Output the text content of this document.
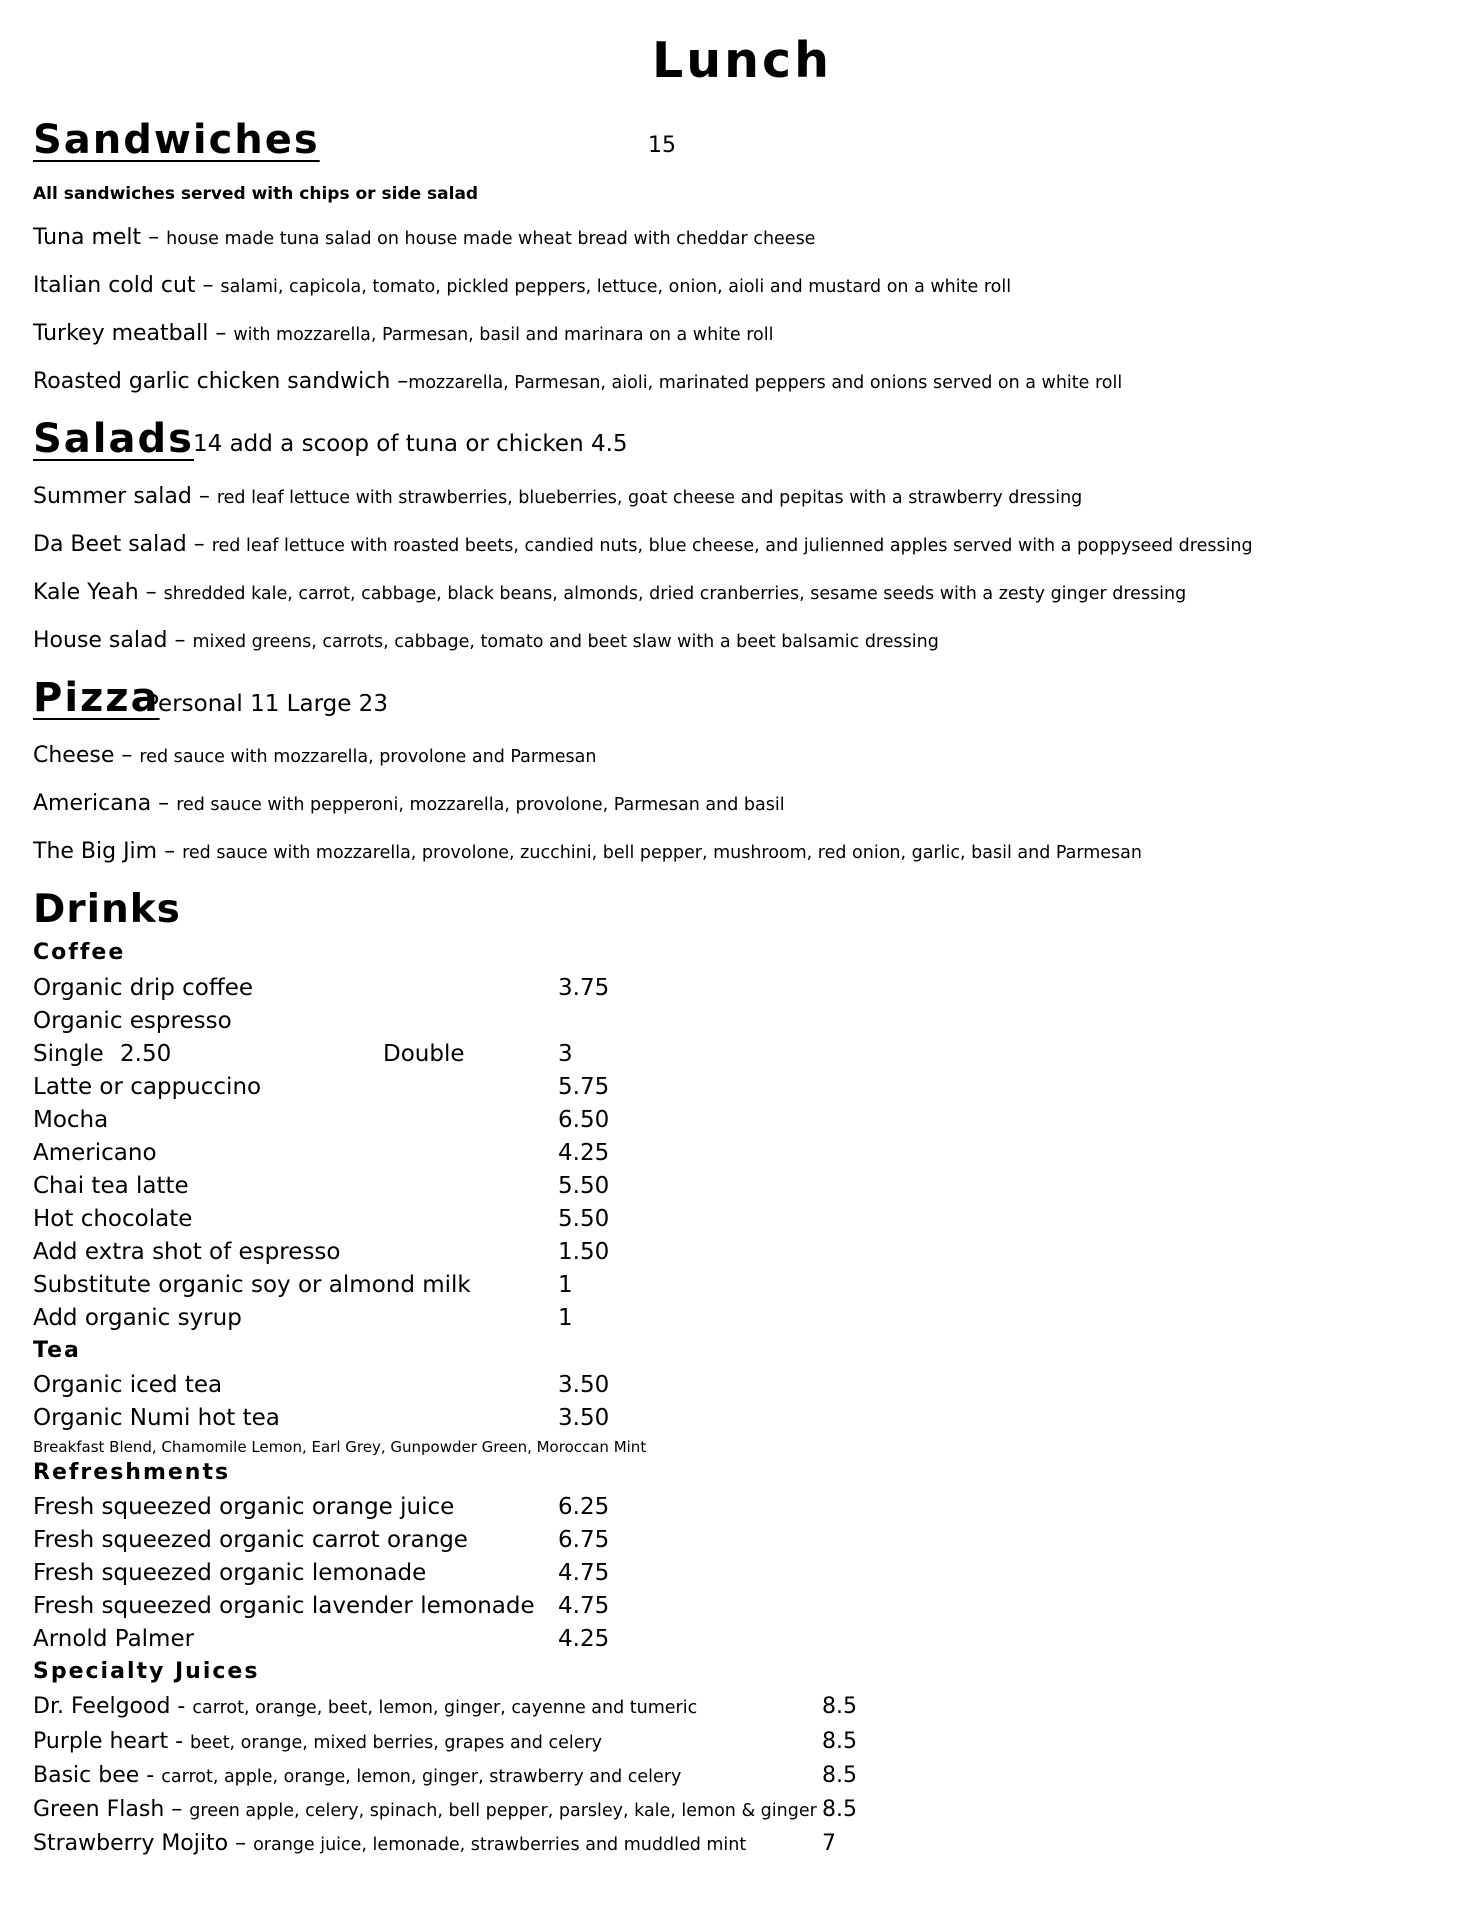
Lunch
Sandwiches	15
All sandwiches served with chips or side salad
Tuna melt – house made tuna salad on house made wheat bread with cheddar cheese
Italian cold cut – salami, capicola, tomato, pickled peppers, lettuce, onion, aioli and mustard on a white roll
Turkey meatball – with mozzarella, Parmesan, basil and marinara on a white roll
Roasted garlic chicken sandwich –mozzarella, Parmesan, aioli, marinated peppers and onions served on a white roll
Salads 14 add a scoop of tuna or chicken 4.5
Summer salad – red leaf lettuce with strawberries, blueberries, goat cheese and pepitas with a strawberry dressing
Da Beet salad – red leaf lettuce with roasted beets, candied nuts, blue cheese, and julienned apples served with a poppyseed dressing
Kale Yeah – shredded kale, carrot, cabbage, black beans, almonds, dried cranberries, sesame seeds with a zesty ginger dressing
House salad – mixed greens, carrots, cabbage, tomato and beet slaw with a beet balsamic dressing
Pizza
Personal 11 Large 23
Cheese – red sauce with mozzarella, provolone and Parmesan
Americana – red sauce with pepperoni, mozzarella, provolone, Parmesan and basil
The Big Jim – red sauce with mozzarella, provolone, zucchini, bell pepper, mushroom, red onion, garlic, basil and Parmesan
Drinks
Coffee
Organic drip coffee	3.75
Organic espresso
Single 2.50	Double	3
Latte or cappuccino	5.75
Mocha	6.50
Americano	4.25
Chai tea latte	5.50
Hot chocolate	5.50
Add extra shot of espresso	1.50
Substitute organic soy or almond milk	1
Add organic syrup	1
Tea
Organic iced tea	3.50
Organic Numi hot tea	3.50
Breakfast Blend, Chamomile Lemon, Earl Grey, Gunpowder Green, Moroccan Mint
Refreshments
Fresh squeezed organic orange juice	6.25
Fresh squeezed organic carrot orange	6.75
Fresh squeezed organic lemonade	4.75
Fresh squeezed organic lavender lemonade 4.75
Arnold Palmer	4.25
Specialty Juices
Dr. Feelgood - carrot, orange, beet, lemon, ginger, cayenne and tumeric	8.5
Purple heart - beet, orange, mixed berries, grapes and celery	8.5
Basic bee - carrot, apple, orange, lemon, ginger, strawberry and celery	8.5
Green Flash – green apple, celery, spinach, bell pepper, parsley, kale, lemon & ginger 8.5
Strawberry Mojito – orange juice, lemonade, strawberries and muddled mint	7
